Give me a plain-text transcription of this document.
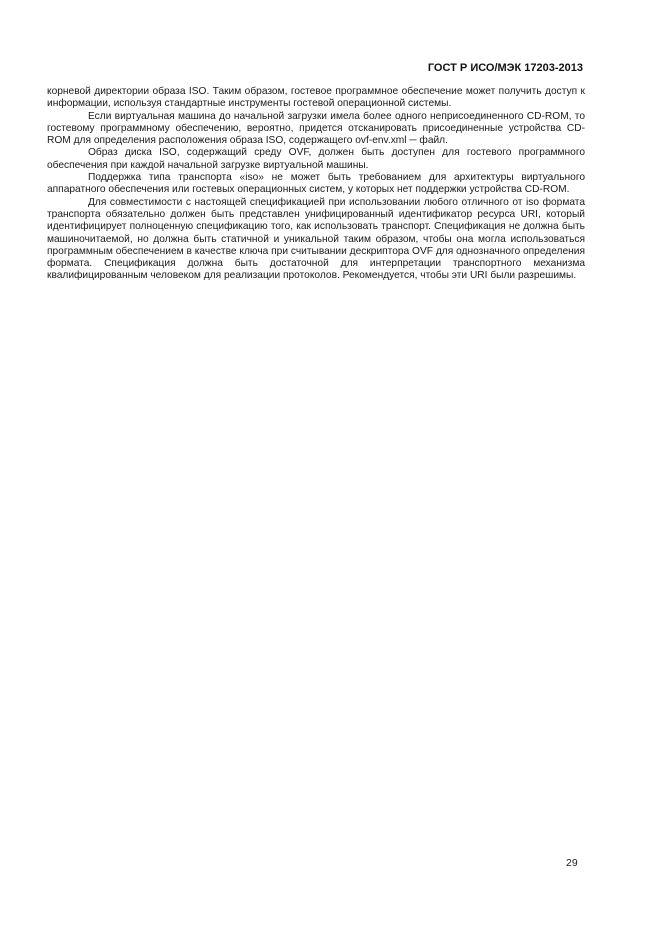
ГОСТ Р ИСО/МЭК 17203-2013

корневой директории образа ISO. Таким образом, гостевое программное обеспечение может получить доступ к информации, используя стандартные инструменты гостевой операционной системы.

Если виртуальная машина до начальной загрузки имела более одного неприсоединенного CD-ROM, то гостевому программному обеспечению, вероятно, придется отсканировать присоединенные устройства CD-ROM для определения расположения образа ISO, содержащего ovf-env.xml ─ файл.

Образ диска ISO, содержащий среду OVF, должен быть доступен для гостевого программного обеспечения при каждой начальной загрузке виртуальной машины.

Поддержка типа транспорта «iso» не может быть требованием для архитектуры виртуального аппаратного обеспечения или гостевых операционных систем, у которых нет поддержки устройства CD-ROM.

Для совместимости с настоящей спецификацией при использовании любого отличного от iso формата транспорта обязательно должен быть представлен унифицированный идентификатор ресурса URI, который идентифицирует полноценную спецификацию того, как использовать транспорт. Спецификация не должна быть машиночитаемой, но должна быть статичной и уникальной таким образом, чтобы она могла использоваться программным обеспечением в качестве ключа при считывании дескриптора OVF для однозначного определения формата. Спецификация должна быть достаточной для интерпретации транспортного механизма квалифицированным человеком для реализации протоколов. Рекомендуется, чтобы эти URI были разрешимы.

29
